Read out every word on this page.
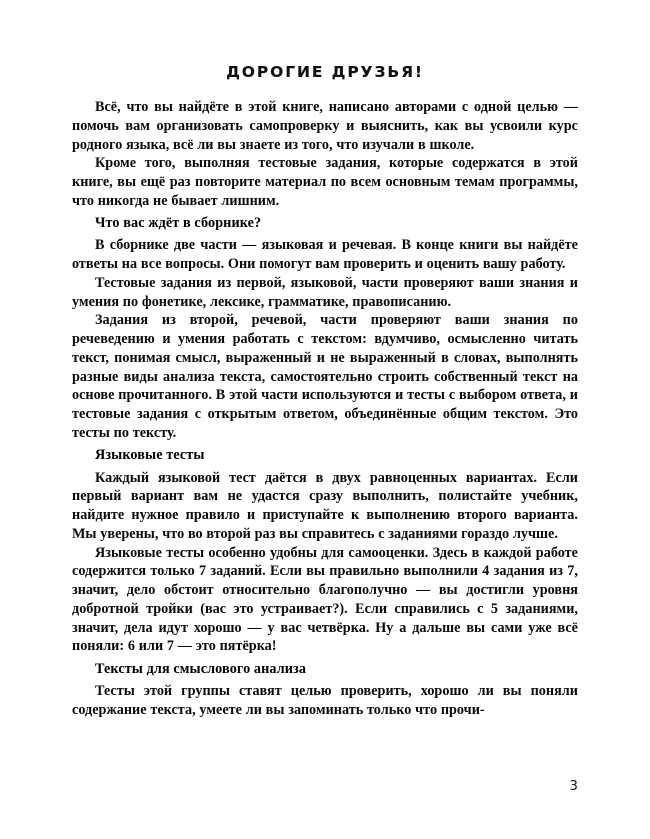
ДОРОГИЕ ДРУЗЬЯ!

Всё, что вы найдёте в этой книге, написано авторами с одной целью — помочь вам организовать самопроверку и выяснить, как вы усвоили курс родного языка, всё ли вы знаете из того, что изучали в школе.

Кроме того, выполняя тестовые задания, которые содержатся в этой книге, вы ещё раз повторите материал по всем основным темам программы, что никогда не бывает лишним.

Что вас ждёт в сборнике?

В сборнике две части — языковая и речевая. В конце книги вы найдёте ответы на все вопросы. Они помогут вам проверить и оценить вашу работу.

Тестовые задания из первой, языковой, части проверяют ваши знания и умения по фонетике, лексике, грамматике, правописанию.

Задания из второй, речевой, части проверяют ваши знания по речеведению и умения работать с текстом: вдумчиво, осмысленно читать текст, понимая смысл, выраженный и не выраженный в словах, выполнять разные виды анализа текста, самостоятельно строить собственный текст на основе прочитанного. В этой части используются и тесты с выбором ответа, и тестовые задания с открытым ответом, объединённые общим текстом. Это тесты по тексту.

Языковые тесты

Каждый языковой тест даётся в двух равноценных вариантах. Если первый вариант вам не удастся сразу выполнить, полистайте учебник, найдите нужное правило и приступайте к выполнению второго варианта. Мы уверены, что во второй раз вы справитесь с заданиями гораздо лучше.

Языковые тесты особенно удобны для самооценки. Здесь в каждой работе содержится только 7 заданий. Если вы правильно выполнили 4 задания из 7, значит, дело обстоит относительно благополучно — вы достигли уровня добротной тройки (вас это устраивает?). Если справились с 5 заданиями, значит, дела идут хорошо — у вас четвёрка. Ну а дальше вы сами уже всё поняли: 6 или 7 — это пятёрка!

Тексты для смыслового анализа

Тесты этой группы ставят целью проверить, хорошо ли вы поняли содержание текста, умеете ли вы запоминать только что прочи-

3
